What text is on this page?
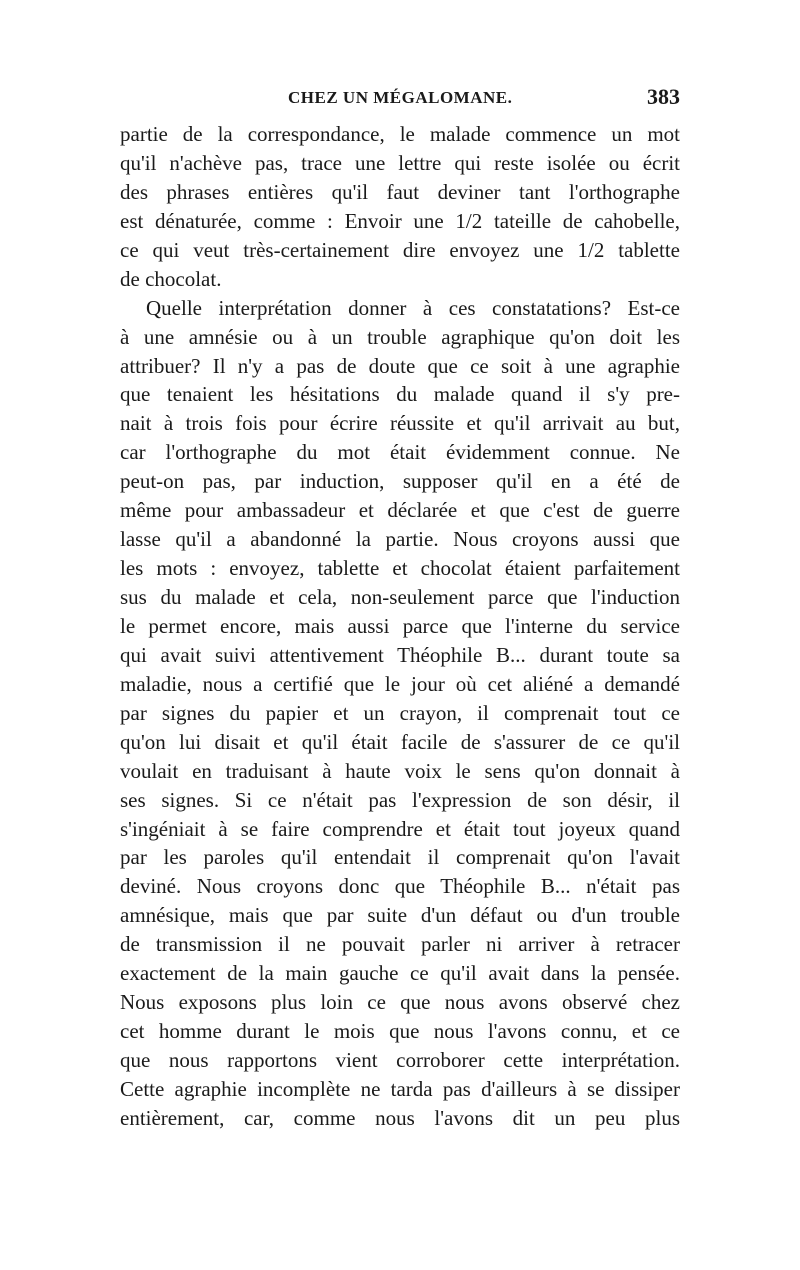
CHEZ UN MÉGALOMANE.	383
partie de la correspondance, le malade commence un mot
qu'il n'achève pas, trace une lettre qui reste isolée ou écrit
des phrases entières qu'il faut deviner tant l'orthographe
est dénaturée, comme : Envoir une 1/2 tateille de cahobelle,
ce qui veut très-certainement dire envoyez une 1/2 tablette
de chocolat.
Quelle interprétation donner à ces constatations? Est-ce
à une amnésie ou à un trouble agraphique qu'on doit les
attribuer? Il n'y a pas de doute que ce soit à une agraphie
que tenaient les hésitations du malade quand il s'y pre-
nait à trois fois pour écrire réussite et qu'il arrivait au but,
car l'orthographe du mot était évidemment connue. Ne
peut-on pas, par induction, supposer qu'il en a été de
même pour ambassadeur et déclarée et que c'est de guerre
lasse qu'il a abandonné la partie. Nous croyons aussi que
les mots : envoyez, tablette et chocolat étaient parfaitement
sus du malade et cela, non-seulement parce que l'induction
le permet encore, mais aussi parce que l'interne du service
qui avait suivi attentivement Théophile B... durant toute sa
maladie, nous a certifié que le jour où cet aliéné a demandé
par signes du papier et un crayon, il comprenait tout ce
qu'on lui disait et qu'il était facile de s'assurer de ce qu'il
voulait en traduisant à haute voix le sens qu'on donnait à
ses signes. Si ce n'était pas l'expression de son désir, il
s'ingéniait à se faire comprendre et était tout joyeux quand
par les paroles qu'il entendait il comprenait qu'on l'avait
deviné. Nous croyons donc que Théophile B... n'était pas
amnésique, mais que par suite d'un défaut ou d'un trouble
de transmission il ne pouvait parler ni arriver à retracer
exactement de la main gauche ce qu'il avait dans la pensée.
Nous exposons plus loin ce que nous avons observé chez
cet homme durant le mois que nous l'avons connu, et ce
que nous rapportons vient corroborer cette interprétation.
Cette agraphie incomplète ne tarda pas d'ailleurs à se dissiper
entièrement, car, comme nous l'avons dit un peu plus
